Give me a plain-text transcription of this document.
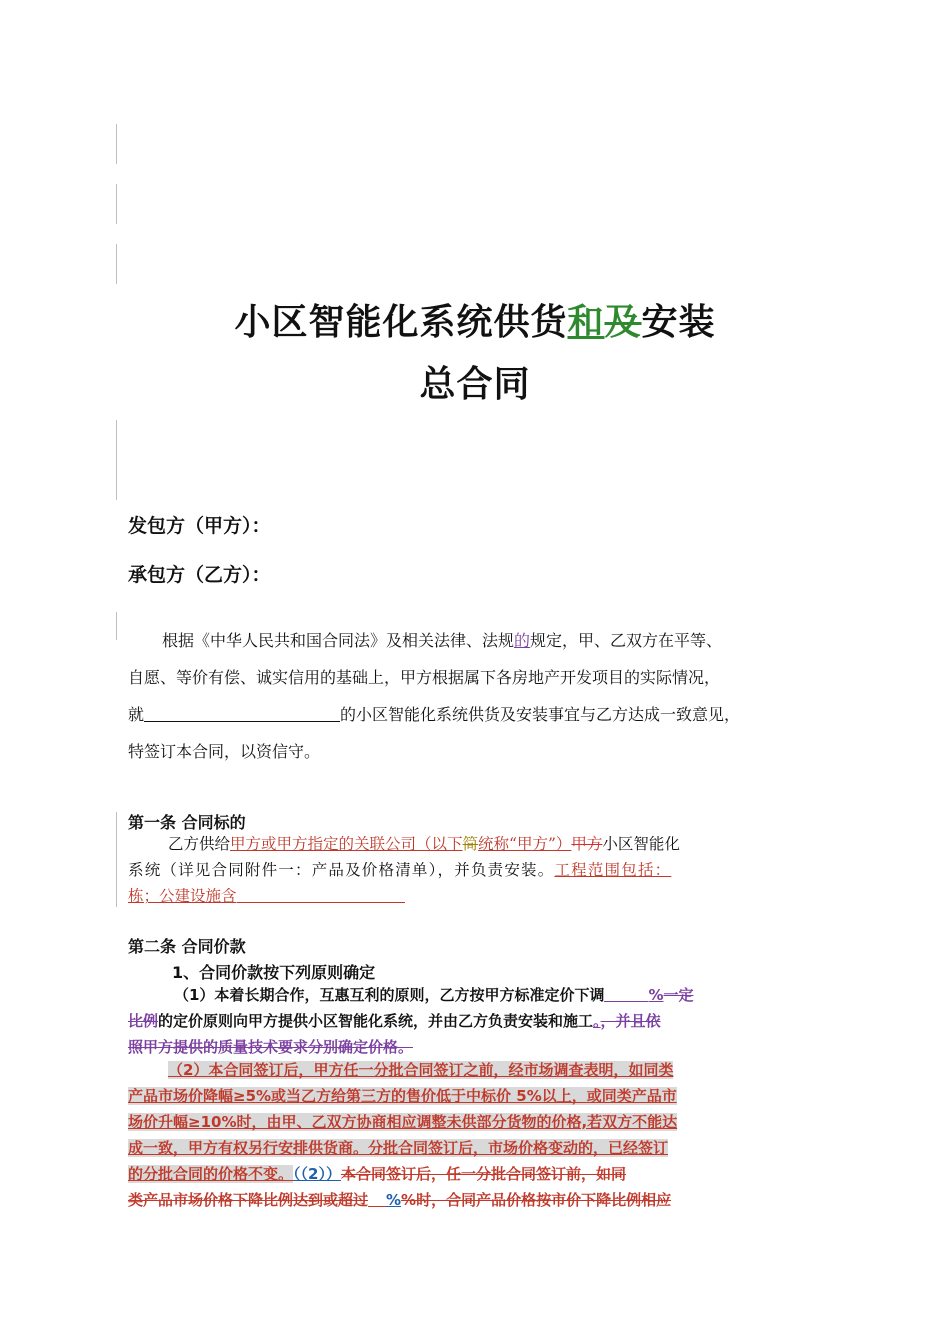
小区智能化系统供货和及安装
总合同
发包方（甲方）：
承包方（乙方）：
根据《中华人民共和国合同法》及相关法律、法规的规定，甲、乙双方在平等、
自愿、等价有偿、诚实信用的基础上，甲方根据属下各房地产开发项目的实际情况，
就	的小区智能化系统供货及安装事宜与乙方达成一致意见，
特签订本合同，以资信守。
第一条 合同标的
乙方供给甲方或甲方指定的关联公司（以下简统称“甲方”）甲方小区智能化
系统（详见合同附件一：产品及价格清单），并负责安装。工程范围包括：
栋；公建设施含
第二条 合同价款
1、合同价款按下列原则确定
（1）本着长期合作，互惠互利的原则，乙方按甲方标准定价下调	%一定
比例的定价原则向甲方提供小区智能化系统，并由乙方负责安装和施工。，并且依
照甲方提供的质量技术要求分别确定价格。
（2）本合同签订后，甲方任一分批合同签订之前，经市场调查表明，如同类
产品市场价降幅≥5%或当乙方给第三方的售价低于中标价 5%以上，或同类产品市
场价升幅≥10%时，由甲、乙双方协商相应调整未供部分货物的价格,若双方不能达
成一致，甲方有权另行安排供货商。分批合同签订后，市场价格变动的，已经签订
的分批合同的价格不变。（（2））本合同签订后，任一分批合同签订前，如同
类产品市场价格下降比例达到或超过 %%时，合同产品价格按市价下降比例相应
